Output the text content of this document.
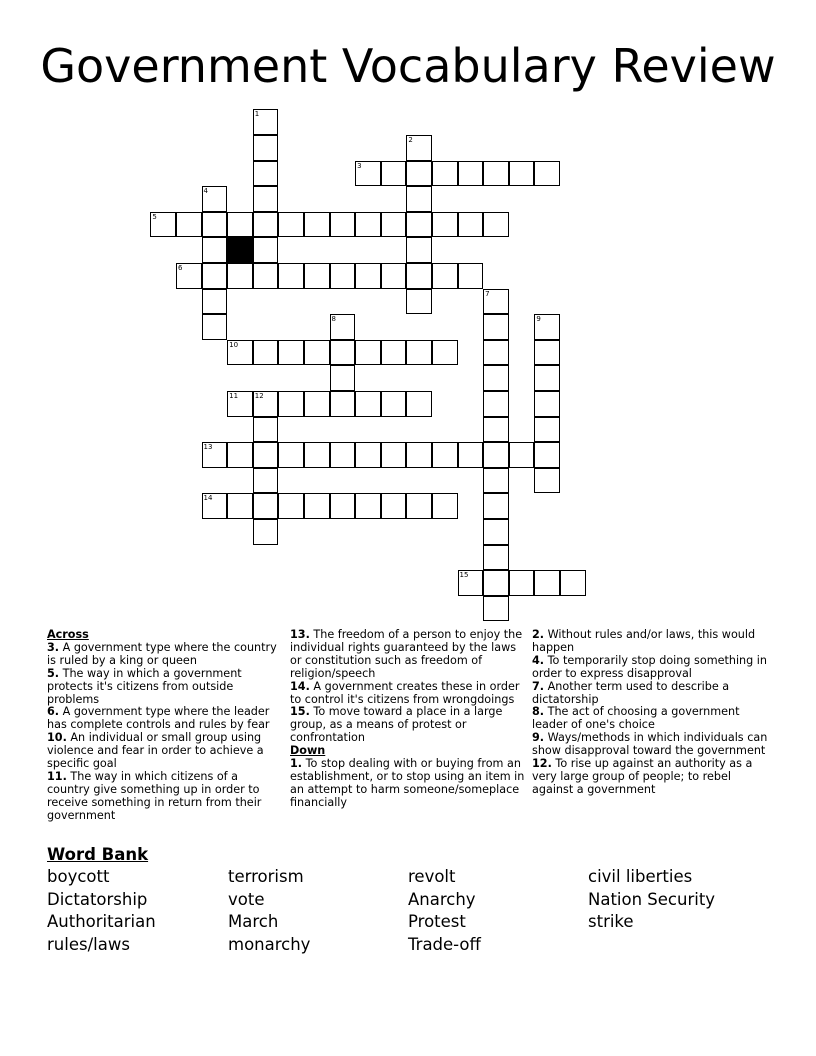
Government Vocabulary Review
1
2
3
4
5
6
7
8	9
10
11 12
13
14
15

Across

3. A government type where the country is ruled by a king or queen

5. The way in which a government protects it's citizens from outside problems

6. A government type where the leader has complete controls and rules by fear

10. An individual or small group using violence and fear in order to achieve a specific goal

11. The way in which citizens of a country give something up in order to receive something in return from their government

13. The freedom of a person to enjoy the individual rights guaranteed by the laws or constitution such as freedom of religion/speech

14. A government creates these in order to control it's citizens from wrongdoings

15. To move toward a place in a large group, as a means of protest or confrontation

Down

1. To stop dealing with or buying from an establishment, or to stop using an item in an attempt to harm someone/someplace financially

2. Without rules and/or laws, this would happen

4. To temporarily stop doing something in order to express disapproval

7. Another term used to describe a dictatorship

8. The act of choosing a government leader of one's choice

9. Ways/methods in which individuals can show disapproval toward the government

12. To rise up against an authority as a very large group of people; to rebel against a government

Word Bank
boycott
Dictatorship
Authoritarian
rules/laws
terrorism
vote
March
monarchy
revolt
Anarchy
Protest
Trade-off
civil liberties
Nation Security
strike
